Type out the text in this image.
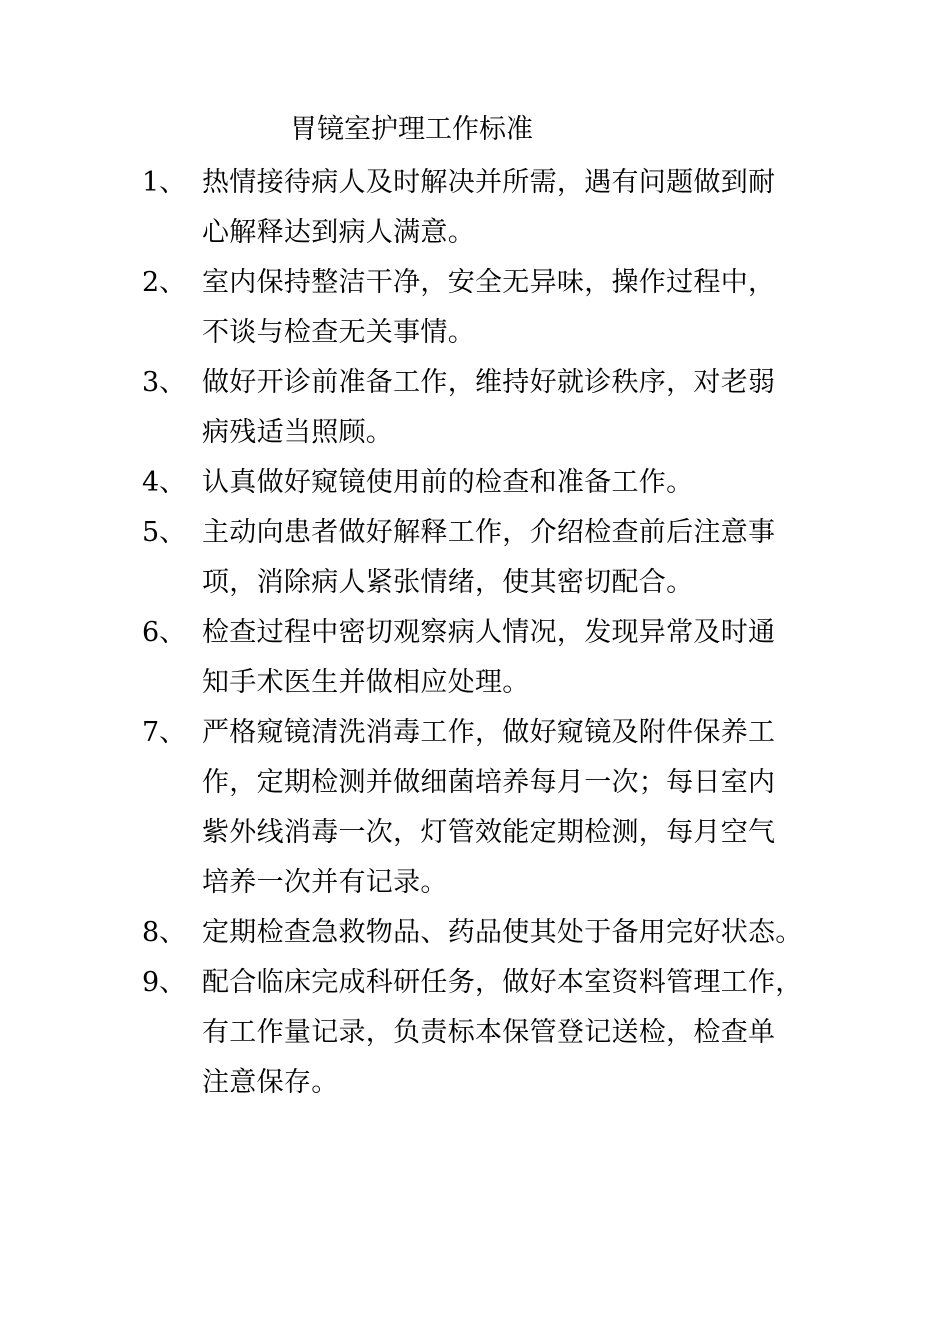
胃镜室护理工作标准
1、 热情接待病人及时解决并所需，遇有问题做到耐
心解释达到病人满意。
2、 室内保持整洁干净，安全无异味，操作过程中，
不谈与检查无关事情。
3、 做好开诊前准备工作，维持好就诊秩序，对老弱
病残适当照顾。
4、 认真做好窥镜使用前的检查和准备工作。
5、 主动向患者做好解释工作，介绍检查前后注意事
项，消除病人紧张情绪，使其密切配合。
6、 检查过程中密切观察病人情况，发现异常及时通
知手术医生并做相应处理。
7、 严格窥镜清洗消毒工作，做好窥镜及附件保养工
作，定期检测并做细菌培养每月一次；每日室内
紫外线消毒一次，灯管效能定期检测，每月空气
培养一次并有记录。
8、 定期检查急救物品、药品使其处于备用完好状态。
9、 配合临床完成科研任务，做好本室资料管理工作，
有工作量记录，负责标本保管登记送检，检查单
注意保存。
